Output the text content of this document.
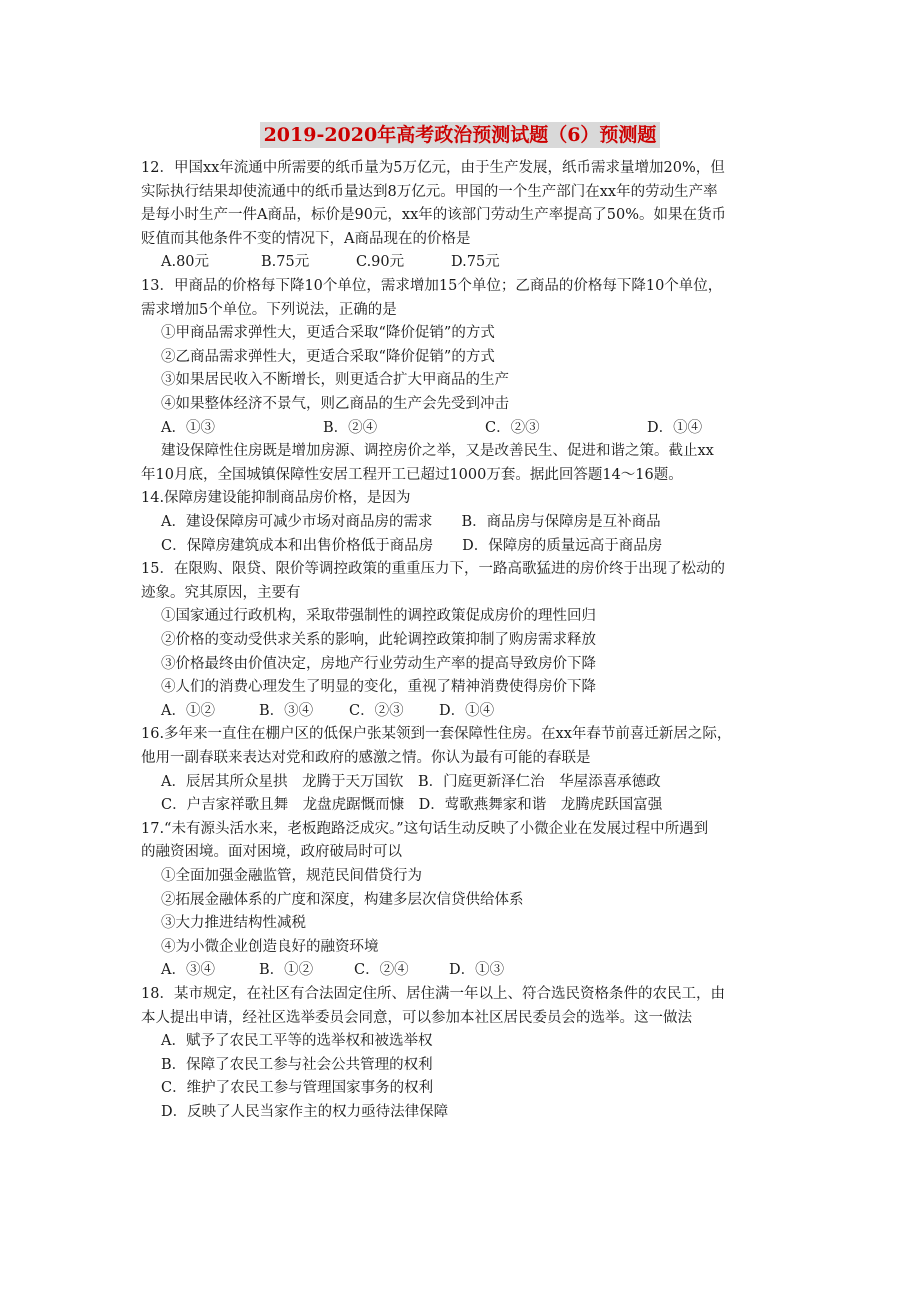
2019-2020年高考政治预测试题（6）预测题
12．甲国xx年流通中所需要的纸币量为5万亿元，由于生产发展，纸币需求量增加20%，但
实际执行结果却使流通中的纸币量达到8万亿元。甲国的一个生产部门在xx年的劳动生产率
是每小时生产一件A商品，标价是90元，xx年的该部门劳动生产率提高了50%。如果在货币
贬值而其他条件不变的情况下，A商品现在的价格是
A.80元	B.75元	C.90元	D.75元
13．甲商品的价格每下降10个单位，需求增加15个单位；乙商品的价格每下降10个单位，
需求增加5个单位。下列说法，正确的是
①甲商品需求弹性大，更适合采取“降价促销”的方式
②乙商品需求弹性大，更适合采取“降价促销”的方式
③如果居民收入不断增长，则更适合扩大甲商品的生产
④如果整体经济不景气，则乙商品的生产会先受到冲击
A．①③	B．②④	C．②③	D．①④
建设保障性住房既是增加房源、调控房价之举，又是改善民生、促进和谐之策。截止xx
年10月底，全国城镇保障性安居工程开工已超过1000万套。据此回答题14～16题。
14.保障房建设能抑制商品房价格，是因为
A．建设保障房可减少市场对商品房的需求　　B．商品房与保障房是互补商品
C．保障房建筑成本和出售价格低于商品房　　D．保障房的质量远高于商品房
15．在限购、限贷、限价等调控政策的重重压力下，一路高歌猛进的房价终于出现了松动的
迹象。究其原因，主要有
①国家通过行政机构，采取带强制性的调控政策促成房价的理性回归
②价格的变动受供求关系的影响，此轮调控政策抑制了购房需求释放
③价格最终由价值决定，房地产行业劳动生产率的提高导致房价下降
④人们的消费心理发生了明显的变化，重视了精神消费使得房价下降
A．①②	B．③④ C．②③ D．①④
16.多年来一直住在棚户区的低保户张某领到一套保障性住房。在xx年春节前喜迁新居之际，
他用一副春联来表达对党和政府的感激之情。你认为最有可能的春联是
A．辰居其所众星拱　龙腾于天万国钦　B．门庭更新泽仁治　华屋添喜承德政
C．户吉家祥歌且舞　龙盘虎踞慨而慷　D．莺歌燕舞家和谐　龙腾虎跃国富强
17.“未有源头活水来，老板跑路泛成灾。”这句话生动反映了小微企业在发展过程中所遇到
的融资困境。面对困境，政府破局时可以
①全面加强金融监管，规范民间借贷行为
②拓展金融体系的广度和深度，构建多层次信贷供给体系
③大力推进结构性减税
④为小微企业创造良好的融资环境
A．③④	B．①②	C．②④	D．①③
18．某市规定，在社区有合法固定住所、居住满一年以上、符合选民资格条件的农民工，由
本人提出申请，经社区选举委员会同意，可以参加本社区居民委员会的选举。这一做法
A．赋予了农民工平等的选举权和被选举权
B．保障了农民工参与社会公共管理的权利
C．维护了农民工参与管理国家事务的权利
D．反映了人民当家作主的权力亟待法律保障
